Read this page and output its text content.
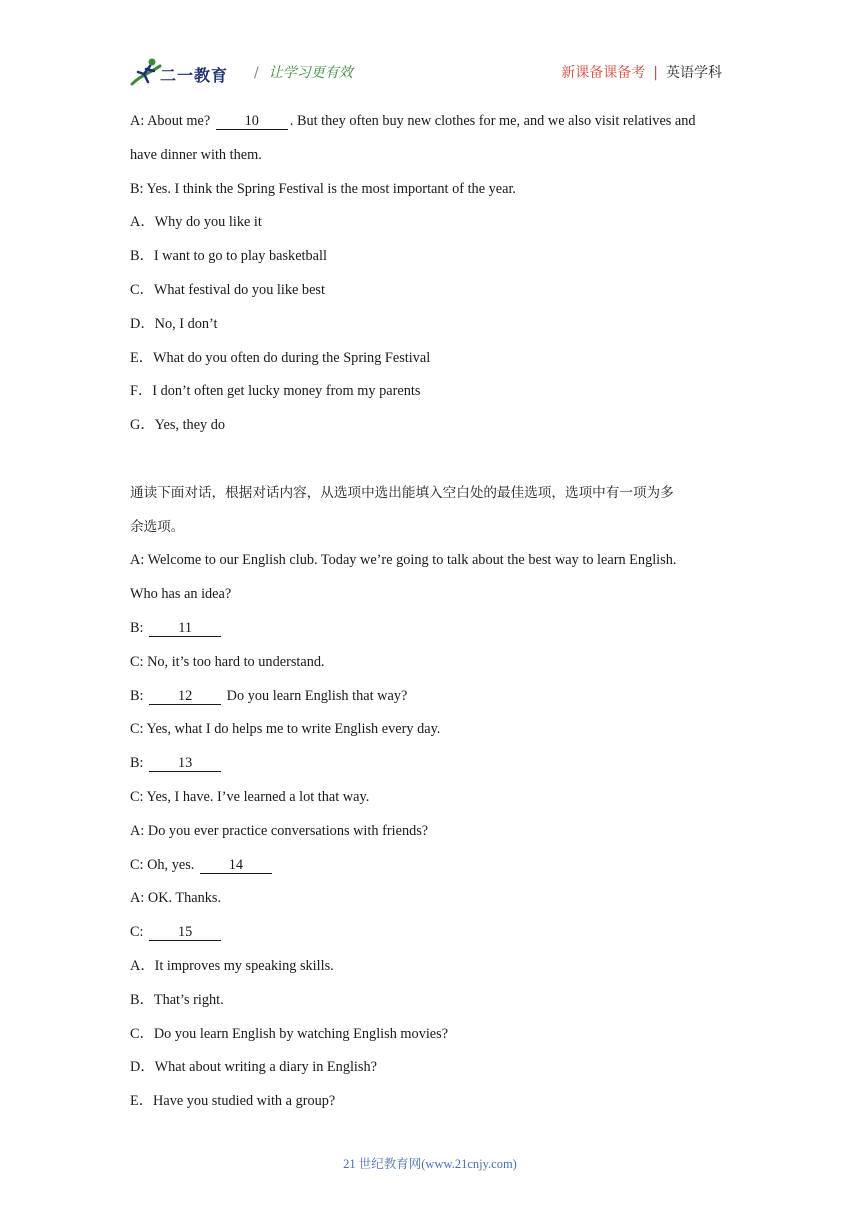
二一教育 / 让学习更有效	新课备课备考 | 英语学科
A: About me? 10 . But they often buy new clothes for me, and we also visit relatives and
have dinner with them.
B: Yes. I think the Spring Festival is the most important of the year.
A．Why do you like it
B．I want to go to play basketball
C．What festival do you like best
D．No, I don’t
E．What do you often do during the Spring Festival
F．I don’t often get lucky money from my parents
G．Yes, they do
通读下面对话，根据对话内容，从选项中选出能填入空白处的最佳选项，选项中有一项为多
余选项。
A: Welcome to our English club. Today we’re going to talk about the best way to learn English.
Who has an idea?
B: 11
C: No, it’s too hard to understand.
B: 12 Do you learn English that way?
C: Yes, what I do helps me to write English every day.
B: 13
C: Yes, I have. I’ve learned a lot that way.
A: Do you ever practice conversations with friends?
C: Oh, yes. 14
A: OK. Thanks.
C: 15
A．It improves my speaking skills.
B．That’s right.
C．Do you learn English by watching English movies?
D．What about writing a diary in English?
E．Have you studied with a group?
21 世纪教育网(www.21cnjy.com)
